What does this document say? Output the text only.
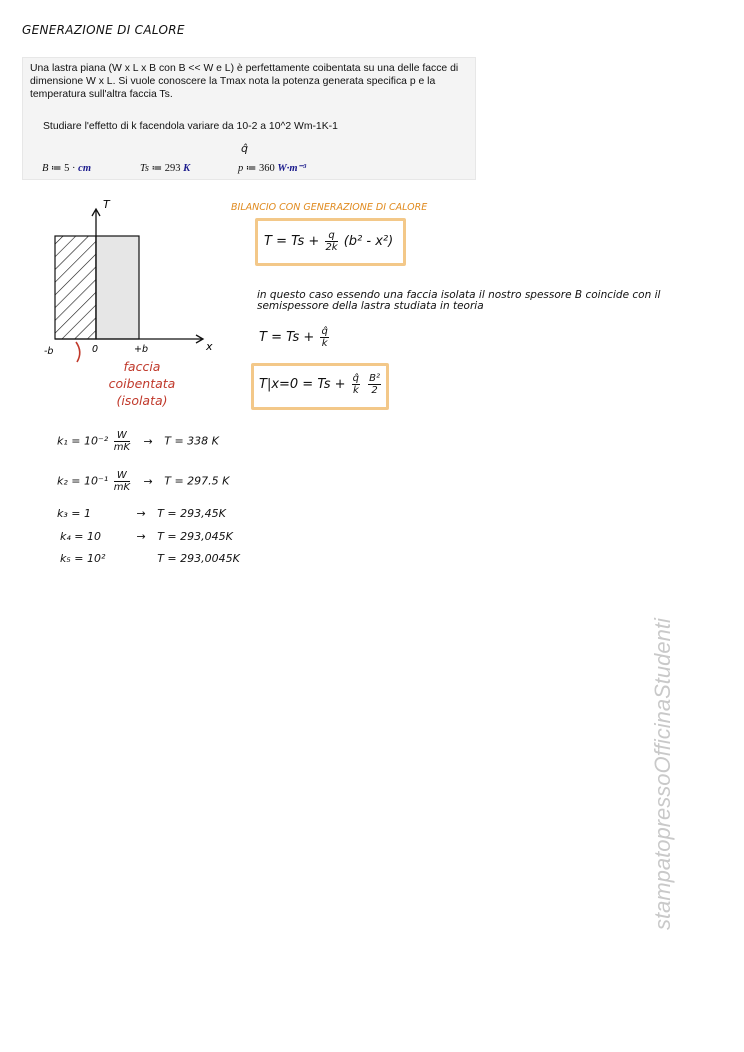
GENERAZIONE DI CALORE
Una lastra piana (W x L x B con B << W e L) è perfettamente coibentata su una delle facce di dimensione W x L. Si vuole conoscere la Tmax nota la potenza generata specifica p e la temperatura sull'altra faccia Ts.
Studiare l'effetto di k facendola variare da 10-2 a 10^2 Wm-1K-1
q̂
B ≔ 5 · cm	Ts ≔ 293 K	p ≔ 360 W·m⁻³
T
x
-b	0	+b
faccia coibentata
(isolata)
BILANCIO CON GENERAZIONE DI CALORE
$T = Ts + \frac{q}{2k} (b^2 - x^2)$
in questo caso essendo una faccia isolata il nostro spessore B coincide con il semispessore della lastra studiata in teoria
$T = Ts + \frac{q̂}{k}$
$T|x=0 = Ts + \frac{q̂}{k}$
$\frac{\text{B²}}{2}$
$k_1 = 10^{-2} \frac{W}{mK} \to T = 338$ K
$k_2 = 10^{-1} \frac{W}{mK} \to T = 297.5$ K
k₃ = 1	→ T = 293,45K
k₄ = 10	→ T = 293,045K
k₅ = 10²	T = 293,0045K
stampatopressoOfficinaStudenti
